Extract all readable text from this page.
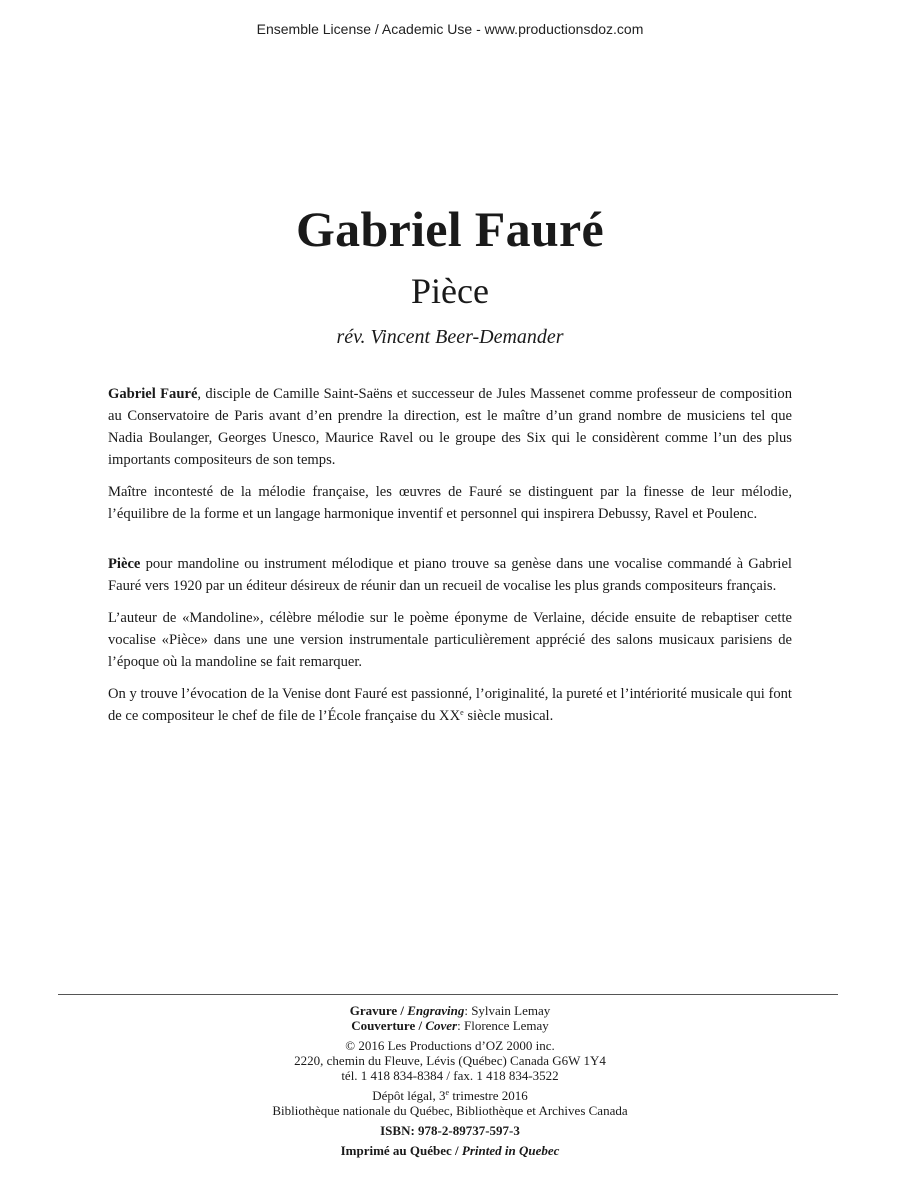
Ensemble License / Academic Use - www.productionsdoz.com
Gabriel Fauré
Pièce
rév. Vincent Beer-Demander

Gabriel Fauré, disciple de Camille Saint-Saëns et successeur de Jules Massenet comme professeur de composition au Conservatoire de Paris avant d’en prendre la direction, est le maître d’un grand nombre de musiciens tel que Nadia Boulanger, Georges Unesco, Maurice Ravel ou le groupe des Six qui le considèrent comme l’un des plus importants compositeurs de son temps.

Maître incontesté de la mélodie française, les œuvres de Fauré se distinguent par la finesse de leur mélodie, l’équilibre de la forme et un langage harmonique inventif et personnel qui inspirera Debussy, Ravel et Poulenc.

Pièce pour mandoline ou instrument mélodique et piano trouve sa genèse dans une vocalise commandé à Gabriel Fauré vers 1920 par un éditeur désireux de réunir dan un recueil de vocalise les plus grands compositeurs français.

L’auteur de «Mandoline», célèbre mélodie sur le poème éponyme de Verlaine, décide ensuite de rebaptiser cette vocalise «Pièce» dans une une version instrumentale particulièrement apprécié des salons musicaux parisiens de l’époque où la mandoline se fait remarquer.

On y trouve l’évocation de la Venise dont Fauré est passionné, l’originalité, la pureté et l’intériorité musicale qui font de ce compositeur le chef de file de l’École française du XXe siècle musical.

Gravure / Engraving: Sylvain Lemay
Couverture / Cover: Florence Lemay
© 2016 Les Productions d’OZ 2000 inc.
2220, chemin du Fleuve, Lévis (Québec) Canada G6W 1Y4
tél. 1 418 834-8384 / fax. 1 418 834-3522
Dépôt légal, 3e trimestre 2016
Bibliothèque nationale du Québec, Bibliothèque et Archives Canada
ISBN: 978-2-89737-597-3
Imprimé au Québec / Printed in Quebec
